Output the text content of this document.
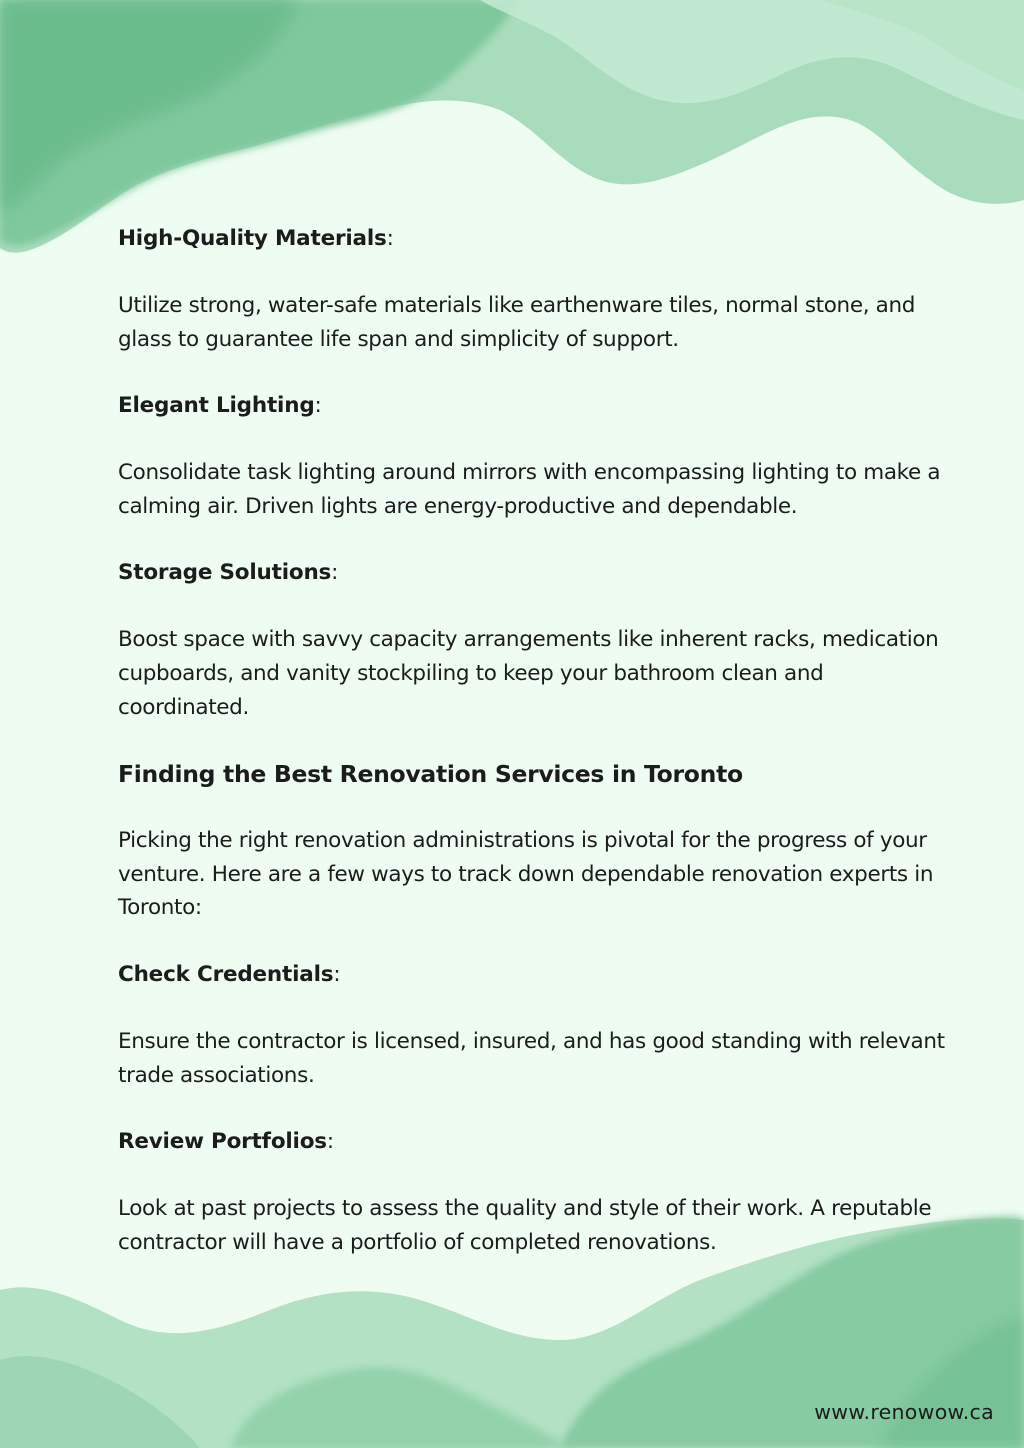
High-Quality Materials:

Utilize strong, water-safe materials like earthenware tiles, normal stone, and glass to guarantee life span and simplicity of support.

Elegant Lighting:

Consolidate task lighting around mirrors with encompassing lighting to make a calming air. Driven lights are energy-productive and dependable.

Storage Solutions:

Boost space with savvy capacity arrangements like inherent racks, medication cupboards, and vanity stockpiling to keep your bathroom clean and coordinated.

Finding the Best Renovation Services in Toronto

Picking the right renovation administrations is pivotal for the progress of your venture. Here are a few ways to track down dependable renovation experts in Toronto:

Check Credentials:

Ensure the contractor is licensed, insured, and has good standing with relevant trade associations.

Review Portfolios:

Look at past projects to assess the quality and style of their work. A reputable contractor will have a portfolio of completed renovations.

www.renowow.ca
